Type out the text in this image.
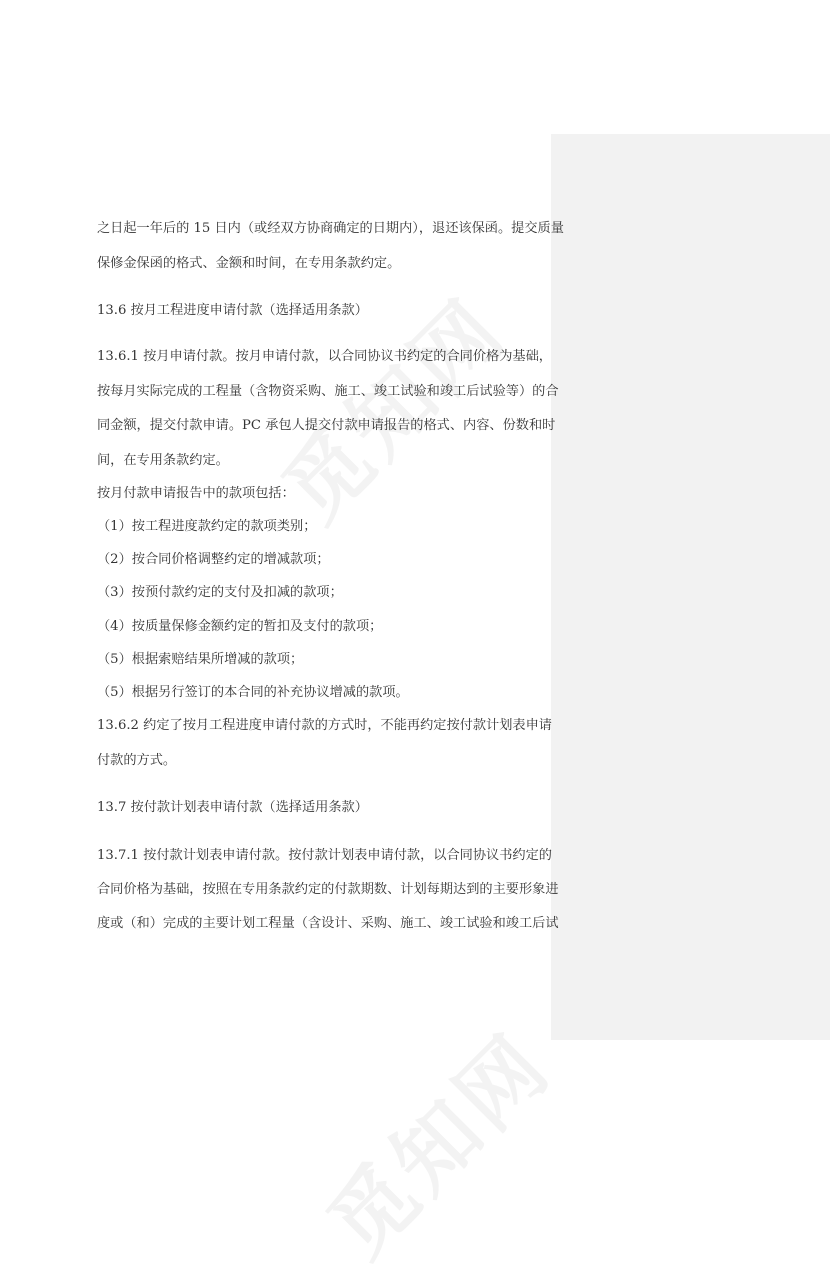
之日起一年后的 15 日内（或经双方协商确定的日期内），退还该保函。提交质量
保修金保函的格式、金额和时间，在专用条款约定。
13.6 按月工程进度申请付款（选择适用条款）
13.6.1 按月申请付款。按月申请付款，以合同协议书约定的合同价格为基础，
按每月实际完成的工程量（含物资采购、施工、竣工试验和竣工后试验等）的合
同金额，提交付款申请。PC 承包人提交付款申请报告的格式、内容、份数和时
间，在专用条款约定。
按月付款申请报告中的款项包括：
（1）按工程进度款约定的款项类别；
（2）按合同价格调整约定的增减款项；
（3）按预付款约定的支付及扣减的款项；
（4）按质量保修金额约定的暂扣及支付的款项；
（5）根据索赔结果所增减的款项；
（5）根据另行签订的本合同的补充协议增减的款项。
13.6.2 约定了按月工程进度申请付款的方式时，不能再约定按付款计划表申请
付款的方式。
13.7 按付款计划表申请付款（选择适用条款）
13.7.1 按付款计划表申请付款。按付款计划表申请付款，以合同协议书约定的
合同价格为基础，按照在专用条款约定的付款期数、计划每期达到的主要形象进
度或（和）完成的主要计划工程量（含设计、采购、施工、竣工试验和竣工后试
